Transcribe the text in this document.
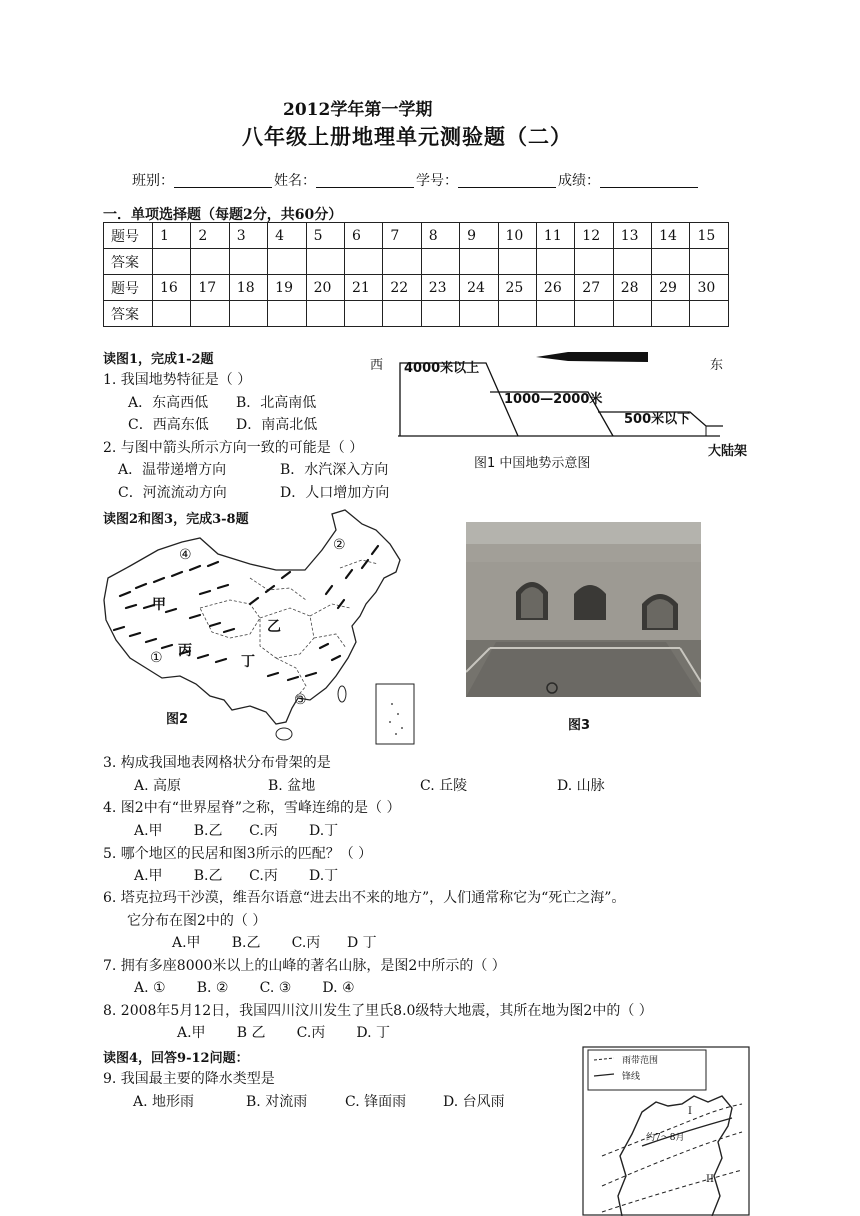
2012学年第一学期
八年级上册地理单元测验题（二）
班别：	姓名：	学号：	成绩：
一．单项选择题（每题2分，共60分）
题号	1	2	3	4	5	6	7	8	9	10	11	12	13	14	15
答案															
题号	16	17	18	19	20	21	22	23	24	25	26	27	28	29	30
答案															
读图1，完成1-2题
1. 我国地势特征是（ ）
A．东高西低 B．北高南低
C．西高东低 D．南高北低
2. 与图中箭头所示方向一致的可能是（ ）
A．温带递增方向	B．水汽深入方向
C．河流流动方向	D．人口增加方向
西	东
4000米以上
1000—2000米
500米以下
大陆架
图1 中国地势示意图
读图2和图3，完成3-8题
④
②
甲
乙
丙
丁
①
③
图2	图3
3. 构成我国地表网格状分布骨架的是
A. 高原	B. 盆地	C. 丘陵	D. 山脉
4. 图2中有“世界屋脊”之称，雪峰连绵的是（ ）
A.甲       B.乙      C.丙       D.丁
5. 哪个地区的民居和图3所示的匹配？（ ）
A.甲       B.乙      C.丙       D.丁
6. 塔克拉玛干沙漠，维吾尔语意“进去出不来的地方”，人们通常称它为“死亡之海”。
它分布在图2中的（ ）
A.甲       B.乙       C.丙      D 丁
7. 拥有多座8000米以上的山峰的著名山脉，是图2中所示的（ ）
A. ①       B. ②       C. ③       D. ④
8. 2008年5月12日，我国四川汶川发生了里氏8.0级特大地震，其所在地为图2中的（ ）
A.甲       B 乙       C.丙       D. 丁
读图4，回答9-12问题：
9. 我国最主要的降水类型是
A. 地形雨	B. 对流雨	C. 锋面雨	D. 台风雨
雨带范围
锋线
I
约7～8月
II
